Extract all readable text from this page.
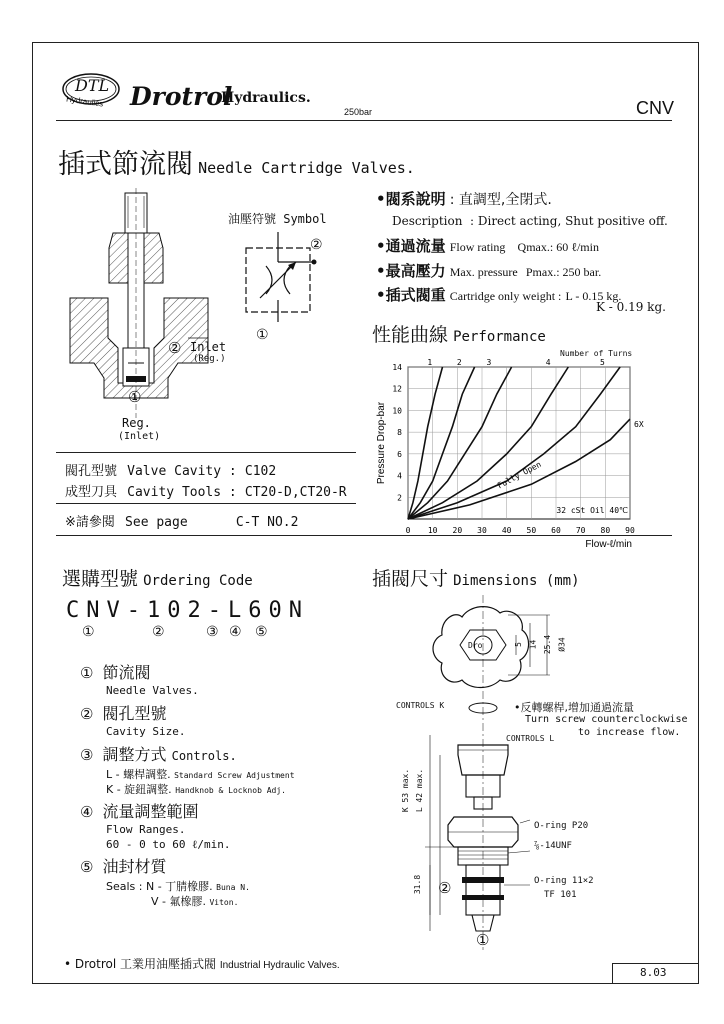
DTL
Hydraulics Drotrol
Hydraulics.
250bar	CNV
插式節流閥 Needle Cartridge Valves.
② Inlet
(Reg.)
①
Reg.
(Inlet)
油壓符號 Symbol
②
①
•閥系說明 : 直調型,全閉式.
Description : Direct acting, Shut positive off.
•通過流量 Flow rating Qmax.: 60 ℓ/min
•最高壓力 Max. pressure Pmax.: 250 bar.
•插式閥重 Cartridge only weight : L - 0.15 kg.
K - 0.19 kg.
性能曲線 Performance
Number of Turns
0 10 20 30 40 50 60 70 80 90
2
4
6
8
10
12
14
Pressure Drop-bar
Flow-ℓ/min
1	2	3	4	5
6X
Fully Open
32 cSt Oil 40℃
閥孔型號 Valve Cavity : C102
成型刀具 Cavity Tools : CT20-D,CT20-R
※請參閱 See page	C-T NO.2
選購型號 Ordering Code
CNV-102-L60N
①	②	③ ④ ⑤
① 節流閥
Needle Valves.
② 閥孔型號
Cavity Size.
③ 調整方式 Controls.
L - 螺桿調整. Standard Screw Adjustment
K - 旋鈕調整. Handknob & Locknob Adj.
④ 流量調整範圍
Flow Ranges.
60 - 0 to 60 ℓ/min.
⑤ 油封材質
Seals : N - 丁腈橡膠. Buna N.
V - 氟橡膠. Viton.
插閥尺寸 Dimensions (mm)
Dro	5 14 25.4 Ø34
CONTROLS K	•反轉螺桿,增加通過流量
Turn screw counterclockwise
to increase flow.
CONTROLS L
K 53 max. L 42 max.
31.8
O-ring P20
⅞-14UNF
O-ring 11×2
TF 101
②
①
• Drotrol 工業用油壓插式閥 Industrial Hydraulic Valves.
8.03
